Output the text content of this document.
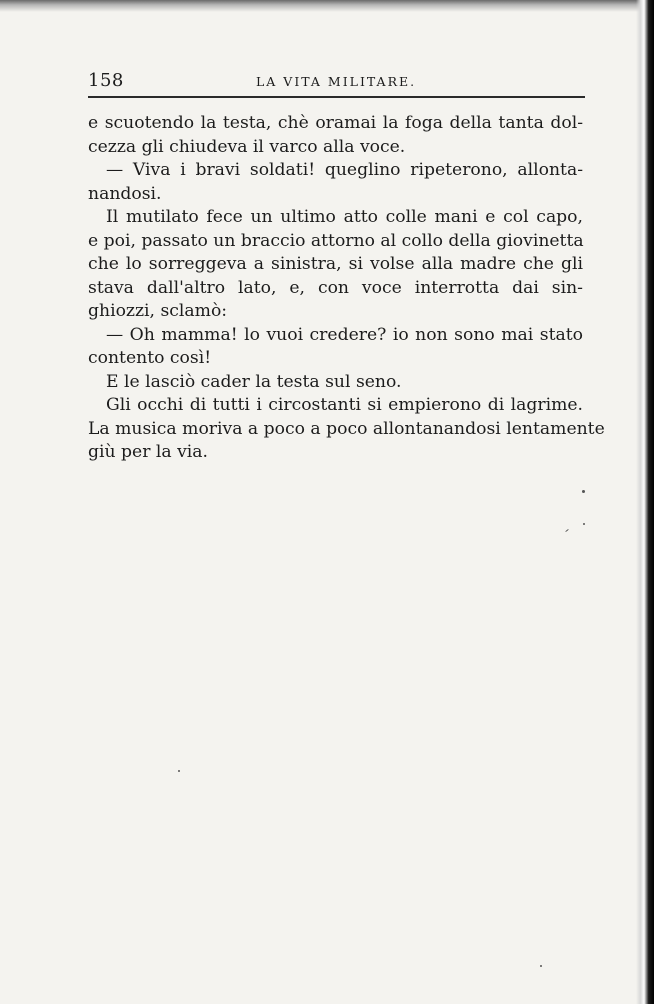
158	LA VITA MILITARE.
e scuotendo la testa, chè oramai la foga della tanta dol-
cezza gli chiudeva il varco alla voce.
— Viva i bravi soldati! queglino ripeterono, allonta-
nandosi.
Il mutilato fece un ultimo atto colle mani e col capo,
e poi, passato un braccio attorno al collo della giovinetta
che lo sorreggeva a sinistra, si volse alla madre che gli
stava dall'altro lato, e, con voce interrotta dai sin-
ghiozzi, sclamò:
— Oh mamma! lo vuoi credere? io non sono mai stato
contento così!
E le lasciò cader la testa sul seno.
Gli occhi di tutti i circostanti si empierono di lagrime.
La musica moriva a poco a poco allontanandosi lentamente
giù per la via.
